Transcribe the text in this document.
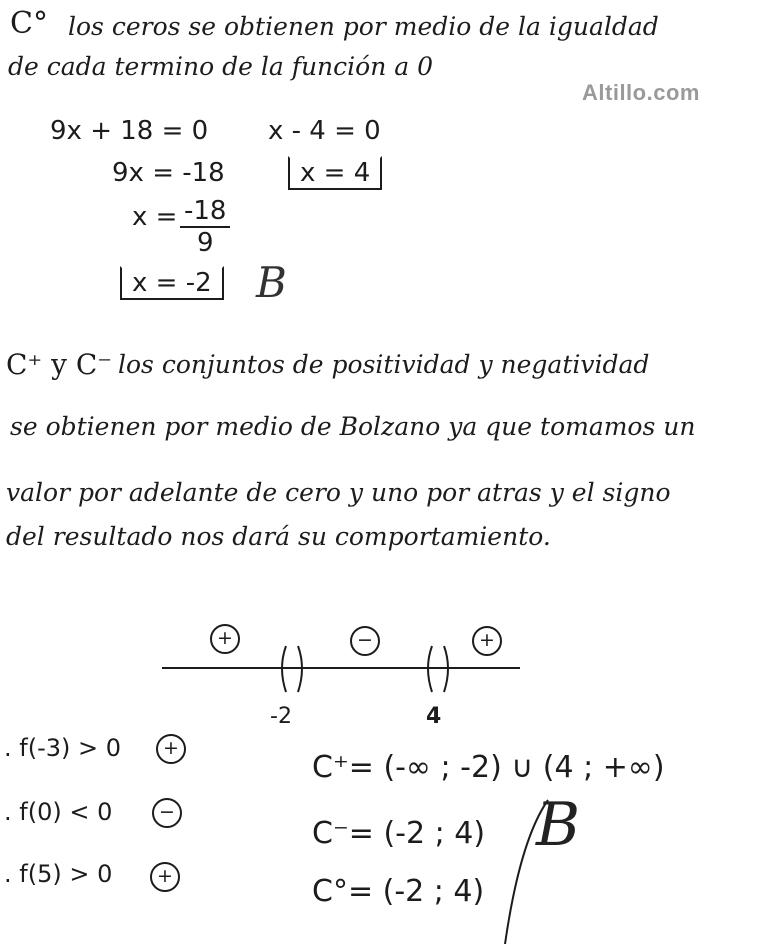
Altillo.com
C° los ceros se obtienen por medio de la igualdad
de cada termino de la función a 0
9x + 18 = 0 x - 4 = 0
9x = -18	x = 4
$x = \frac{-18}{9}$
x = -2 B
C⁺ y C⁻ los conjuntos de positividad y negatividad
se obtienen por medio de Bolzano ya que tomamos un
valor por adelante de cero y uno por atras y el signo
del resultado nos dará su comportamiento.
+	−	+
-2	4
. f(-3) > 0	+
. f(0) < 0	−
. f(5) > 0	+
C⁺= (-∞ ; -2) ∪ (4 ; +∞)
C⁻= (-2 ; 4)
C°= (-2 ; 4)
B
